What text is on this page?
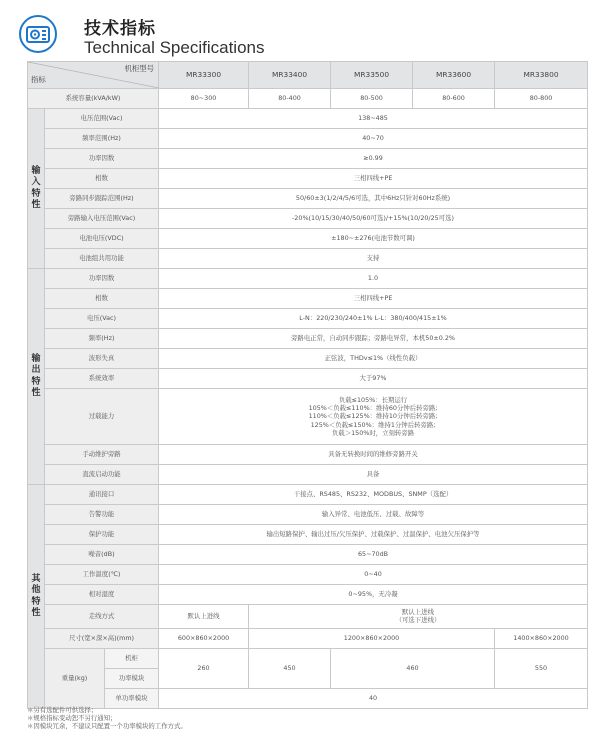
技术指标
Technical Specifications
机柜型号
指标			MR33300	MR33400	MR33500	MR33600	MR33800
系统容量(kVA/kW)			80~300	80-400	80-500	80-600	80-800
输
入
特
性	电压范围(Vac)		138~485				
	频率范围(Hz)		40~70				
	功率因数		≥0.99				
	相数		三相四线+PE				
	旁路同步跟踪范围(Hz)		50/60±3(1/2/4/5/6可选，其中6Hz只针对60Hz系统)				
	旁路输入电压范围(Vac)		-20%(10/15/30/40/50/60可选)/+15%(10/20/25可选)				
	电池电压(VDC)		±180~±276(电池节数可调)				
	电池组共用功能		支持				
输
出
特
性	功率因数		1.0				
	相数		三相四线+PE				
	电压(Vac)		L-N：220/230/240±1% L-L：380/400/415±1%				
	频率(Hz)		旁路电正常，自动同步跟踪；旁路电异常，本机50±0.2%				
	波形失真		正弦波，THDv≤1%（线性负载）				
	系统效率		大于97%				
	过载能力		负载≤105%：长期运行
105%＜负载≤110%：维持60分钟后转旁路;
110%＜负载≤125%：维持10分钟后转旁路;
125%＜负载≤150%：维持1分钟后转旁路;
负载＞150%时，立刻转旁路				

	手动维护旁路		具备无转换时间的维修旁路开关				
	直流启动功能		具备				
其
他
特
性	通讯接口		干接点、RS485、RS232、MODBUS、SNMP（选配）				
	告警功能		输入异常、电池低压、过载、故障等				
	保护功能		输出短路保护、输出过压/欠压保护、过载保护、过温保护、电池欠压保护等				
	噪音(dB)		65~70dB				
	工作温度(℃)		0~40				
	相对湿度		0~95%，无冷凝				
	走线方式		默认上进线	默认上进线
（可选下进线）			

	尺寸(宽×深×高)(mm)		600×860×2000	1200×860×2000			1400×860×2000
	重量(kg)	机柜	260	450	460		550
		功率模块					
		单功率模块	40				
＊另有选配件可供选择；
＊规格指标变动恕不另行通知；
＊因模块冗余，不建议只配置一个功率模块的工作方式。
